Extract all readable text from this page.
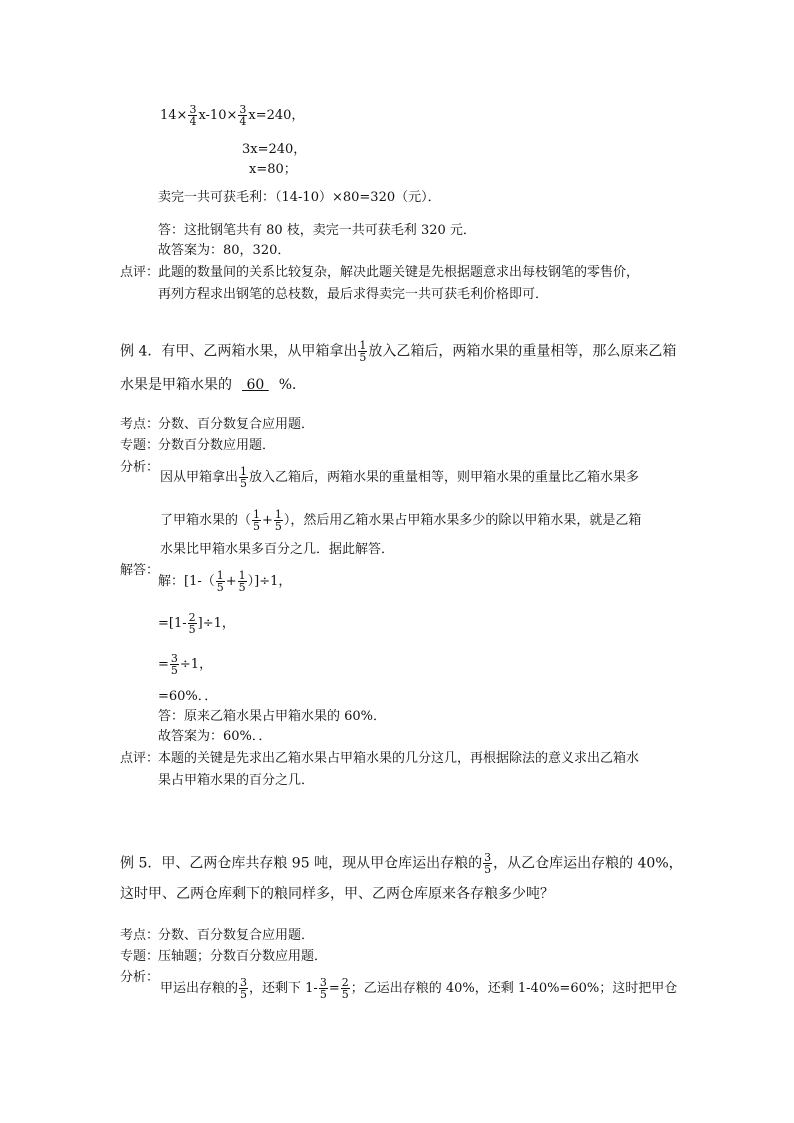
$14\times \frac{3}{4} x-10\times \frac{3}{4} x=240$，
3x=240，
x=80；
卖完一共可获毛利：（14-10）×80=320（元）．
答：这批钢笔共有 80 枝，卖完一共可获毛利 320 元．
故答案为：80，320．
点评：
此题的数量间的关系比较复杂，解决此题关键是先根据题意求出每枝钢笔的零售价，
再列方程求出钢笔的总枝数，最后求得卖完一共可获毛利价格即可．
例 4．有甲、乙两箱水果，从甲箱拿出 $\frac{1}{5}$ 放入乙箱后，两箱水果的重量相等，那么原来乙箱
水果是甲箱水果的 60 %．
考点：
分数、百分数复合应用题．
专题：
分数百分数应用题．
分析：
因从甲箱拿出 $\frac{1}{5}$ 放入乙箱后，两箱水果的重量相等，则甲箱水果的重量比乙箱水果多
了甲箱水果的（ $\frac{1}{5} + \frac{1}{5}$ ），然后用乙箱水果占甲箱水果多少的除以甲箱水果，就是乙箱
水果比甲箱水果多百分之几．据此解答．
解答：
解：$[1-( \frac{1}{5} + \frac{1}{5} )]\div 1$，
$=[1- \frac{2}{5} ]\div 1$，
= $\frac{3}{5} \div 1$，
=60%．．
答：原来乙箱水果占甲箱水果的 60%．
故答案为：60%．．
点评：
本题的关键是先求出乙箱水果占甲箱水果的几分这几，再根据除法的意义求出乙箱水
果占甲箱水果的百分之几．
例 5．甲、乙两仓库共存粮 95 吨，现从甲仓库运出存粮的 $\frac{3}{5}$ ，从乙仓库运出存粮的 40%，
这时甲、乙两仓库剩下的粮同样多，甲、乙两仓库原来各存粮多少吨？
考点：
分数、百分数复合应用题．
专题：
压轴题；分数百分数应用题．
分析：
甲运出存粮的 $\frac{3}{5}$ ，还剩下 $1- \frac{3}{5} = \frac{2}{5}$ ；乙运出存粮的 40%，还剩 1-40%=60%；这时把甲仓
